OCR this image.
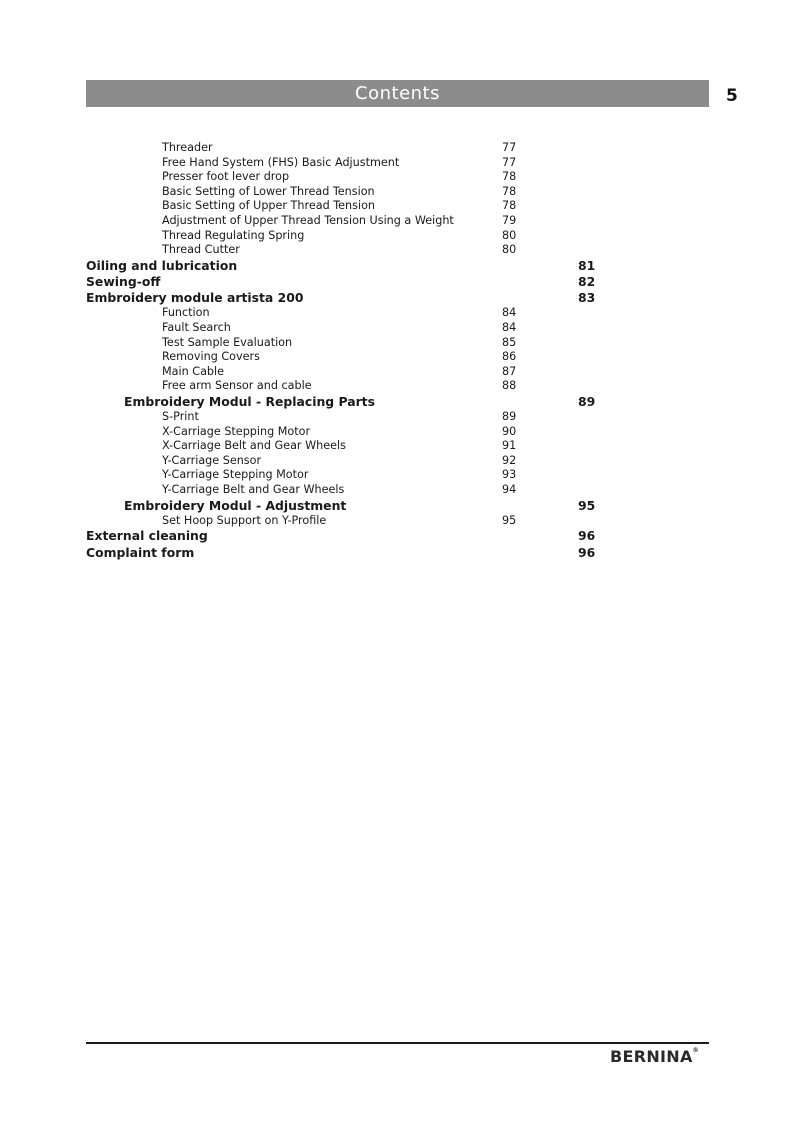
Contents	5
Threader	77
Free Hand System (FHS) Basic Adjustment	77
Presser foot lever drop	78
Basic Setting of Lower Thread Tension	78
Basic Setting of Upper Thread Tension	78
Adjustment of Upper Thread Tension Using a Weight	79
Thread Regulating Spring	80
Thread Cutter	80
Oiling and lubrication	81
Sewing-off	82
Embroidery module artista 200	83
Function	84
Fault Search	84
Test Sample Evaluation	85
Removing Covers	86
Main Cable	87
Free arm Sensor and cable	88
Embroidery Modul - Replacing Parts	89
S-Print	89
X-Carriage Stepping Motor	90
X-Carriage Belt and Gear Wheels	91
Y-Carriage Sensor	92
Y-Carriage Stepping Motor	93
Y-Carriage Belt and Gear Wheels	94
Embroidery Modul - Adjustment	95
Set Hoop Support on Y-Profile	95
External cleaning	96
Complaint form	96
BERNINA®
